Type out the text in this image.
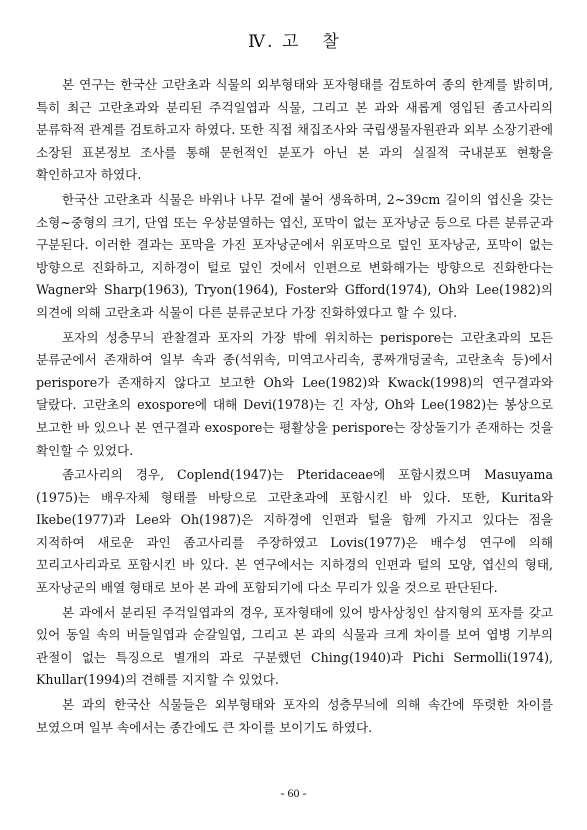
Ⅳ. 고 찰

본 연구는 한국산 고란초과 식물의 외부형태와 포자형태를 검토하여 종의 한계를 밝히며, 특히 최근 고란초과와 분리된 주걱일엽과 식물, 그리고 본 과와 새롭게 영입된 좀고사리의 분류학적 관계를 검토하고자 하였다. 또한 직접 채집조사와 국립생물자원관과 외부 소장기관에 소장된 표본정보 조사를 통해 문헌적인 분포가 아닌 본 과의 실질적 국내분포 현황을 확인하고자 하였다.

한국산 고란초과 식물은 바위나 나무 겉에 붙어 생육하며, 2~39cm 길이의 엽신을 갖는 소형~중형의 크기, 단엽 또는 우상분열하는 엽신, 포막이 없는 포자낭군 등으로 다른 분류군과 구분된다. 이러한 결과는 포막을 가진 포자낭군에서 위포막으로 덮인 포자낭군, 포막이 없는 방향으로 진화하고, 지하경이 털로 덮인 것에서 인편으로 변화해가는 방향으로 진화한다는 Wagner와 Sharp(1963), Tryon(1964), Foster와 Gfford(1974), Oh와 Lee(1982)의 의견에 의해 고란초과 식물이 다른 분류군보다 가장 진화하였다고 할 수 있다.

포자의 성층무늬 관찰결과 포자의 가장 밖에 위치하는 perispore는 고란초과의 모든 분류군에서 존재하여 일부 속과 종(석위속, 미역고사리속, 콩짜개덩굴속, 고란초속 등)에서 perispore가 존재하지 않다고 보고한 Oh와 Lee(1982)와 Kwack(1998)의 연구결과와 달랐다. 고란초의 exospore에 대해 Devi(1978)는 긴 자상, Oh와 Lee(1982)는 봉상으로 보고한 바 있으나 본 연구결과 exospore는 평활상을 perispore는 장상돌기가 존재하는 것을 확인할 수 있었다.

좀고사리의 경우, Coplend(1947)는 Pteridaceae에 포함시켰으며 Masuyama (1975)는 배우자체 형태를 바탕으로 고란초과에 포함시킨 바 있다. 또한, Kurita와 Ikebe(1977)과 Lee와 Oh(1987)은 지하경에 인편과 털을 함께 가지고 있다는 점을 지적하여 새로운 과인 좀고사리를 주장하였고 Lovis(1977)은 배수성 연구에 의해 꼬리고사리과로 포함시킨 바 있다. 본 연구에서는 지하경의 인편과 털의 모양, 엽신의 형태, 포자낭군의 배열 형태로 보아 본 과에 포함되기에 다소 무리가 있을 것으로 판단된다.

본 과에서 분리된 주걱일엽과의 경우, 포자형태에 있어 방사상칭인 삼지형의 포자를 갖고 있어 동일 속의 버들일엽과 순갈일엽, 그리고 본 과의 식물과 크게 차이를 보여 엽병 기부의 관절이 없는 특징으로 별개의 과로 구분했던 Ching(1940)과 Pichi Sermolli(1974), Khullar(1994)의 견해를 지지할 수 있었다.

본 과의 한국산 식물들은 외부형태와 포자의 성층무늬에 의해 속간에 뚜렷한 차이를 보였으며 일부 속에서는 종간에도 큰 차이를 보이기도 하였다.

- 60 -
